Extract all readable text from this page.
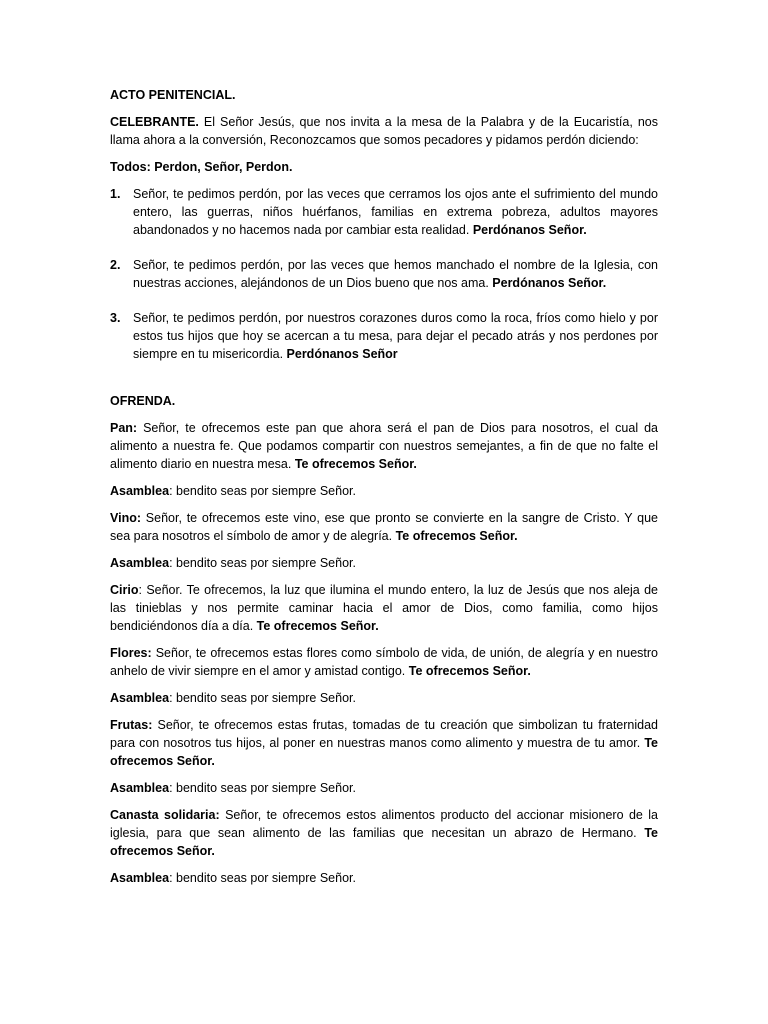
ACTO PENITENCIAL.

CELEBRANTE. El Señor Jesús, que nos invita a la mesa de la Palabra y de la Eucaristía, nos llama ahora a la conversión, Reconozcamos que somos pecadores y pidamos perdón diciendo:

Todos: Perdon, Señor, Perdon.

1. Señor, te pedimos perdón, por las veces que cerramos los ojos ante el sufrimiento del mundo entero, las guerras, niños huérfanos, familias en extrema pobreza, adultos mayores abandonados y no hacemos nada por cambiar esta realidad. Perdónanos Señor.
2. Señor, te pedimos perdón, por las veces que hemos manchado el nombre de la Iglesia, con nuestras acciones, alejándonos de un Dios bueno que nos ama. Perdónanos Señor.
3. Señor, te pedimos perdón, por nuestros corazones duros como la roca, fríos como hielo y por estos tus hijos que hoy se acercan a tu mesa, para dejar el pecado atrás y nos perdones por siempre en tu misericordia. Perdónanos Señor

OFRENDA.

Pan: Señor, te ofrecemos este pan que ahora será el pan de Dios para nosotros, el cual da alimento a nuestra fe. Que podamos compartir con nuestros semejantes, a fin de que no falte el alimento diario en nuestra mesa. Te ofrecemos Señor.

Asamblea: bendito seas por siempre Señor.

Vino: Señor, te ofrecemos este vino, ese que pronto se convierte en la sangre de Cristo. Y que sea para nosotros el símbolo de amor y de alegría. Te ofrecemos Señor.

Asamblea: bendito seas por siempre Señor.

Cirio: Señor. Te ofrecemos, la luz que ilumina el mundo entero, la luz de Jesús que nos aleja de las tinieblas y nos permite caminar hacia el amor de Dios, como familia, como hijos bendiciéndonos día a día. Te ofrecemos Señor.

Flores: Señor, te ofrecemos estas flores como símbolo de vida, de unión, de alegría y en nuestro anhelo de vivir siempre en el amor y amistad contigo. Te ofrecemos Señor.

Asamblea: bendito seas por siempre Señor.

Frutas: Señor, te ofrecemos estas frutas, tomadas de tu creación que simbolizan tu fraternidad para con nosotros tus hijos, al poner en nuestras manos como alimento y muestra de tu amor. Te ofrecemos Señor.

Asamblea: bendito seas por siempre Señor.

Canasta solidaria: Señor, te ofrecemos estos alimentos producto del accionar misionero de la iglesia, para que sean alimento de las familias que necesitan un abrazo de Hermano. Te ofrecemos Señor.

Asamblea: bendito seas por siempre Señor.
